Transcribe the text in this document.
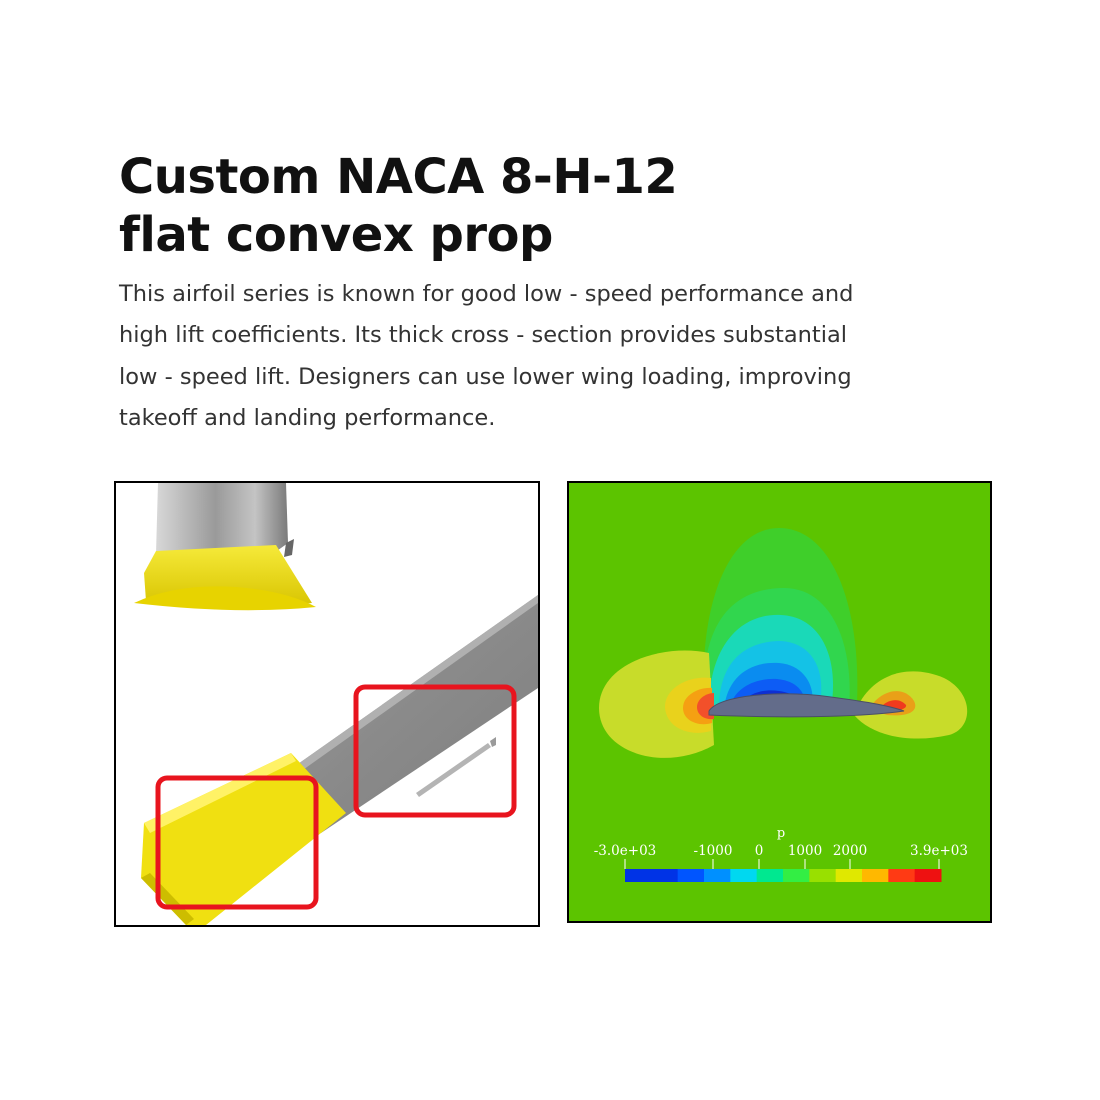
Custom NACA 8-H-12
flat convex prop
This airfoil series is known for good low - speed performance and
high lift coefficients. Its thick cross - section provides substantial
low - speed lift. Designers can use lower wing loading, improving
takeoff and landing performance.
p
-3.0e+03	-1000 0 1000 2000	3.9e+03
